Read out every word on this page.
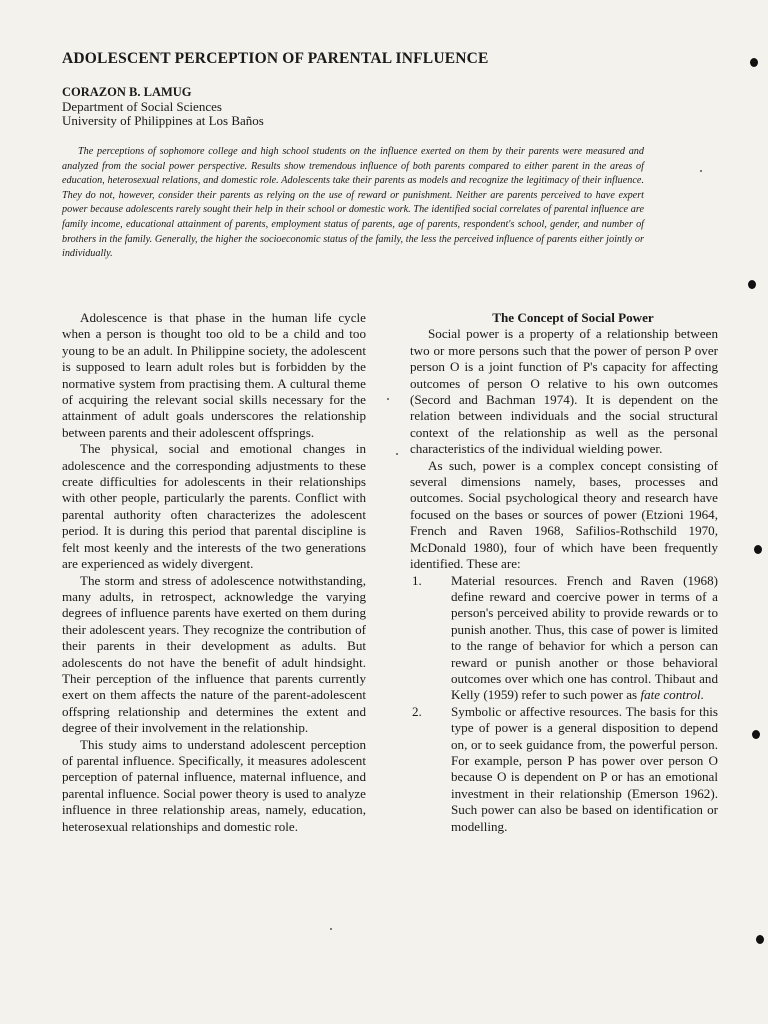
ADOLESCENT PERCEPTION OF PARENTAL INFLUENCE
CORAZON B. LAMUG
Department of Social Sciences
University of Philippines at Los Baños

The perceptions of sophomore college and high school students on the influence exerted on them by their parents were measured and analyzed from the social power perspective. Results show tremendous influence of both parents compared to either parent in the areas of education, heterosexual relations, and domestic role. Adolescents take their parents as models and recognize the legitimacy of their influence. They do not, however, consider their parents as relying on the use of reward or punishment. Neither are parents perceived to have expert power because adolescents rarely sought their help in their school or domestic work. The identified social correlates of parental influence are family income, educational attainment of parents, employment status of parents, age of parents, respondent's school, gender, and number of brothers in the family. Generally, the higher the socioeconomic status of the family, the less the perceived influence of parents either jointly or individually.

Adolescence is that phase in the human life cycle when a person is thought too old to be a child and too young to be an adult. In Philippine society, the adolescent is supposed to learn adult roles but is forbidden by the normative system from practising them. A cultural theme of acquiring the relevant social skills necessary for the attainment of adult goals underscores the relationship between parents and their adolescent offsprings.

The physical, social and emotional changes in adolescence and the corresponding adjustments to these create difficulties for adolescents in their relationships with other people, particularly the parents. Conflict with parental authority often characterizes the adolescent period. It is during this period that parental discipline is felt most keenly and the interests of the two generations are experienced as widely divergent.

The storm and stress of adolescence notwithstanding, many adults, in retrospect, acknowledge the varying degrees of influence parents have exerted on them during their adolescent years. They recognize the contribution of their parents in their development as adults. But adolescents do not have the benefit of adult hindsight. Their perception of the influence that parents currently exert on them affects the nature of the parent-adolescent offspring relationship and determines the extent and degree of their involvement in the relationship.

This study aims to understand adolescent perception of parental influence. Specifically, it measures adolescent perception of paternal influence, maternal influence, and parental influence. Social power theory is used to analyze influence in three relationship areas, namely, education, heterosexual relationships and domestic role.

The Concept of Social Power

Social power is a property of a relationship between two or more persons such that the power of person P over person O is a joint function of P's capacity for affecting outcomes of person O relative to his own outcomes (Secord and Bachman 1974). It is dependent on the relation between individuals and the social structural context of the relationship as well as the personal characteristics of the individual wielding power.

As such, power is a complex concept consisting of several dimensions namely, bases, processes and outcomes. Social psychological theory and research have focused on the bases or sources of power (Etzioni 1964, French and Raven 1968, Safilios-Rothschild 1970, McDonald 1980), four of which have been frequently identified. These are:

1. Material resources. French and Raven (1968) define reward and coercive power in terms of a person's perceived ability to provide rewards or to punish another. Thus, this case of power is limited to the range of behavior for which a person can reward or punish another or those behavioral outcomes over which one has control. Thibaut and Kelly (1959) refer to such power as fate control.
2. Symbolic or affective resources. The basis for this type of power is a general disposition to depend on, or to seek guidance from, the powerful person. For example, person P has power over person O because O is dependent on P or has an emotional investment in their relationship (Emerson 1962). Such power can also be based on identification or modelling.
